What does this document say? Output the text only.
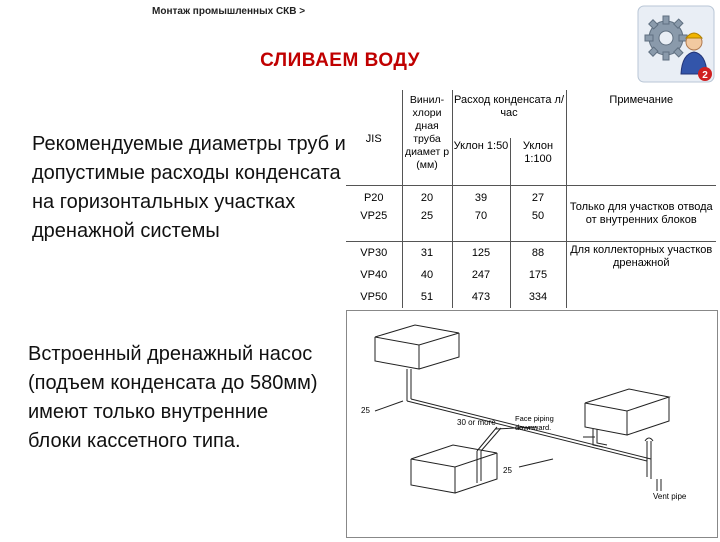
Монтаж промышленных СКВ >
СЛИВАЕМ ВОДУ
2
Рекомендуемые диаметры труб и допустимые расходы конденсата на горизонтальных участках дренажной системы
Встроенный дренажный насос (подъем конденсата до 580мм) имеют только внутренние блоки кассетного типа.
JIS	Винил-хлори дная труба диамет р (мм)	Расход конденсата л/час		Примечание
		Уклон 1:50	Уклон 1:100	
P20	20	39	27	Только для участков отвода от внутренних блоков
VP25	25	70	50	
VP30	31	125	88	Для коллекторных участков дренажной
VP40	40	247	175	
VP50	51	473	334	
25
25
30 or more	Face piping downward.
Vent pipe
